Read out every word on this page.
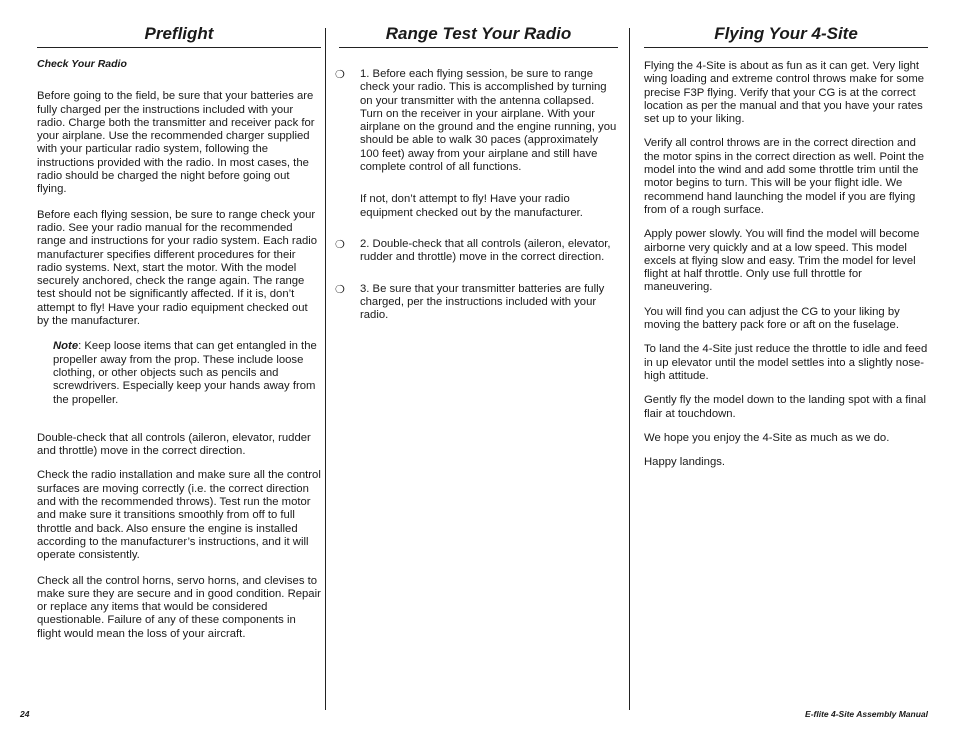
Preflight

Check Your Radio

Before going to the field, be sure that your batteries are fully charged per the instructions included with your radio. Charge both the transmitter and receiver pack for your airplane. Use the recommended charger supplied with your particular radio system, following the instructions provided with the radio. In most cases, the radio should be charged the night before going out flying.

Before each flying session, be sure to range check your radio. See your radio manual for the recommended range and instructions for your radio system. Each radio manufacturer specifies different procedures for their radio systems. Next, start the motor. With the model securely anchored, check the range again. The range test should not be significantly affected. If it is, don’t attempt to fly! Have your radio equipment checked out by the manufacturer.

Note: Keep loose items that can get entangled in the propeller away from the prop. These include loose clothing, or other objects such as pencils and screwdrivers. Especially keep your hands away from the propeller.

Double-check that all controls (aileron, elevator, rudder and throttle) move in the correct direction.

Check the radio installation and make sure all the control surfaces are moving correctly (i.e. the correct direction and with the recommended throws). Test run the motor and make sure it transitions smoothly from off to full throttle and back. Also ensure the engine is installed according to the manufacturer’s instructions, and it will operate consistently.

Check all the control horns, servo horns, and clevises to make sure they are secure and in good condition. Repair or replace any items that would be considered questionable. Failure of any of these components in flight would mean the loss of your aircraft.

Range Test Your Radio
❍ 1. Before each flying session, be sure to range check your radio. This is accomplished by turning on your transmitter with the antenna collapsed. Turn on the receiver in your airplane. With your airplane on the ground and the engine running, you should be able to walk 30 paces (approximately 100 feet) away from your airplane and still have complete control of all functions.

If not, don’t attempt to fly! Have your radio equipment checked out by the manufacturer.

❍ 2. Double-check that all controls (aileron, elevator, rudder and throttle) move in the correct direction.

❍ 3. Be sure that your transmitter batteries are fully charged, per the instructions included with your radio.

Flying Your 4-Site

Flying the 4-Site is about as fun as it can get. Very light wing loading and extreme control throws make for some precise F3P flying. Verify that your CG is at the correct location as per the manual and that you have your rates set up to your liking.

Verify all control throws are in the correct direction and the motor spins in the correct direction as well. Point the model into the wind and add some throttle trim until the motor begins to turn. This will be your flight idle. We recommend hand launching the model if you are flying from of a rough surface.

Apply power slowly. You will find the model will become airborne very quickly and at a low speed. This model excels at flying slow and easy. Trim the model for level flight at half throttle. Only use full throttle for maneuvering.

You will find you can adjust the CG to your liking by moving the battery pack fore or aft on the fuselage.

To land the 4-Site just reduce the throttle to idle and feed in up elevator until the model settles into a slightly nose-high attitude.

Gently fly the model down to the landing spot with a final flair at touchdown.

We hope you enjoy the 4-Site as much as we do.

Happy landings.

24	E-flite 4-Site Assembly Manual
